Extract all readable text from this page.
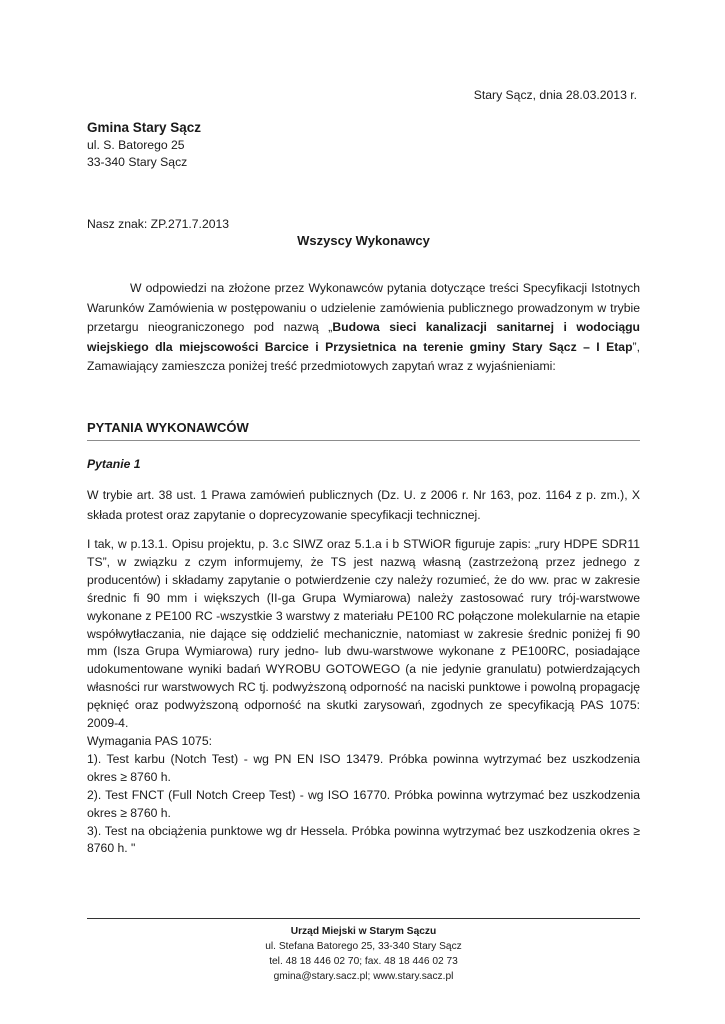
Stary Sącz, dnia 28.03.2013 r.
Gmina Stary Sącz
ul. S. Batorego 25
33-340 Stary Sącz
Nasz znak: ZP.271.7.2013
Wszyscy Wykonawcy
W odpowiedzi na złożone przez Wykonawców pytania dotyczące treści Specyfikacji Istotnych Warunków Zamówienia w postępowaniu o udzielenie zamówienia publicznego prowadzonym w trybie przetargu nieograniczonego pod nazwą „Budowa sieci kanalizacji sanitarnej i wodociągu wiejskiego dla miejscowości Barcice i Przysietnica na terenie gminy Stary Sącz – I Etap”, Zamawiający zamieszcza poniżej treść przedmiotowych zapytań wraz z wyjaśnieniami:
PYTANIA WYKONAWCÓW
Pytanie 1
W trybie art. 38 ust. 1 Prawa zamówień publicznych (Dz. U. z 2006 r. Nr 163, poz. 1164 z p. zm.), X składa protest oraz zapytanie o doprecyzowanie specyfikacji technicznej.

I tak, w p.13.1. Opisu projektu, p. 3.c SIWZ oraz 5.1.a i b STWiOR figuruje zapis: „rury HDPE SDR11 TS”, w związku z czym informujemy, że TS jest nazwą własną (zastrzeżoną przez jednego z producentów) i składamy zapytanie o potwierdzenie czy należy rozumieć, że do ww. prac w zakresie średnic fi 90 mm i większych (II-ga Grupa Wymiarowa) należy zastosować rury trój-warstwowe wykonane z PE100 RC -wszystkie 3 warstwy z materiału PE100 RC połączone molekularnie na etapie współwytłaczania, nie dające się oddzielić mechanicznie, natomiast w zakresie średnic poniżej fi 90 mm (Isza Grupa Wymiarowa) rury jedno- lub dwu-warstwowe wykonane z PE100RC, posiadające udokumentowane wyniki badań WYROBU GOTOWEGO (a nie jedynie granulatu) potwierdzających własności rur warstwowych RC tj. podwyższoną odporność na naciski punktowe i powolną propagację pęknięć oraz podwyższoną odporność na skutki zarysowań, zgodnych ze specyfikacją PAS 1075: 2009-4.

Wymagania PAS 1075:

1). Test karbu (Notch Test) - wg PN EN ISO 13479. Próbka powinna wytrzymać bez uszkodzenia okres ≥ 8760 h.

2). Test FNCT (Full Notch Creep Test) - wg ISO 16770. Próbka powinna wytrzymać bez uszkodzenia okres ≥ 8760 h.

3). Test na obciążenia punktowe wg dr Hessela. Próbka powinna wytrzymać bez uszkodzenia okres ≥ 8760 h. "

Urząd Miejski w Starym Sączu
ul. Stefana Batorego 25, 33-340 Stary Sącz
tel. 48 18 446 02 70; fax. 48 18 446 02 73
gmina@stary.sacz.pl; www.stary.sacz.pl
